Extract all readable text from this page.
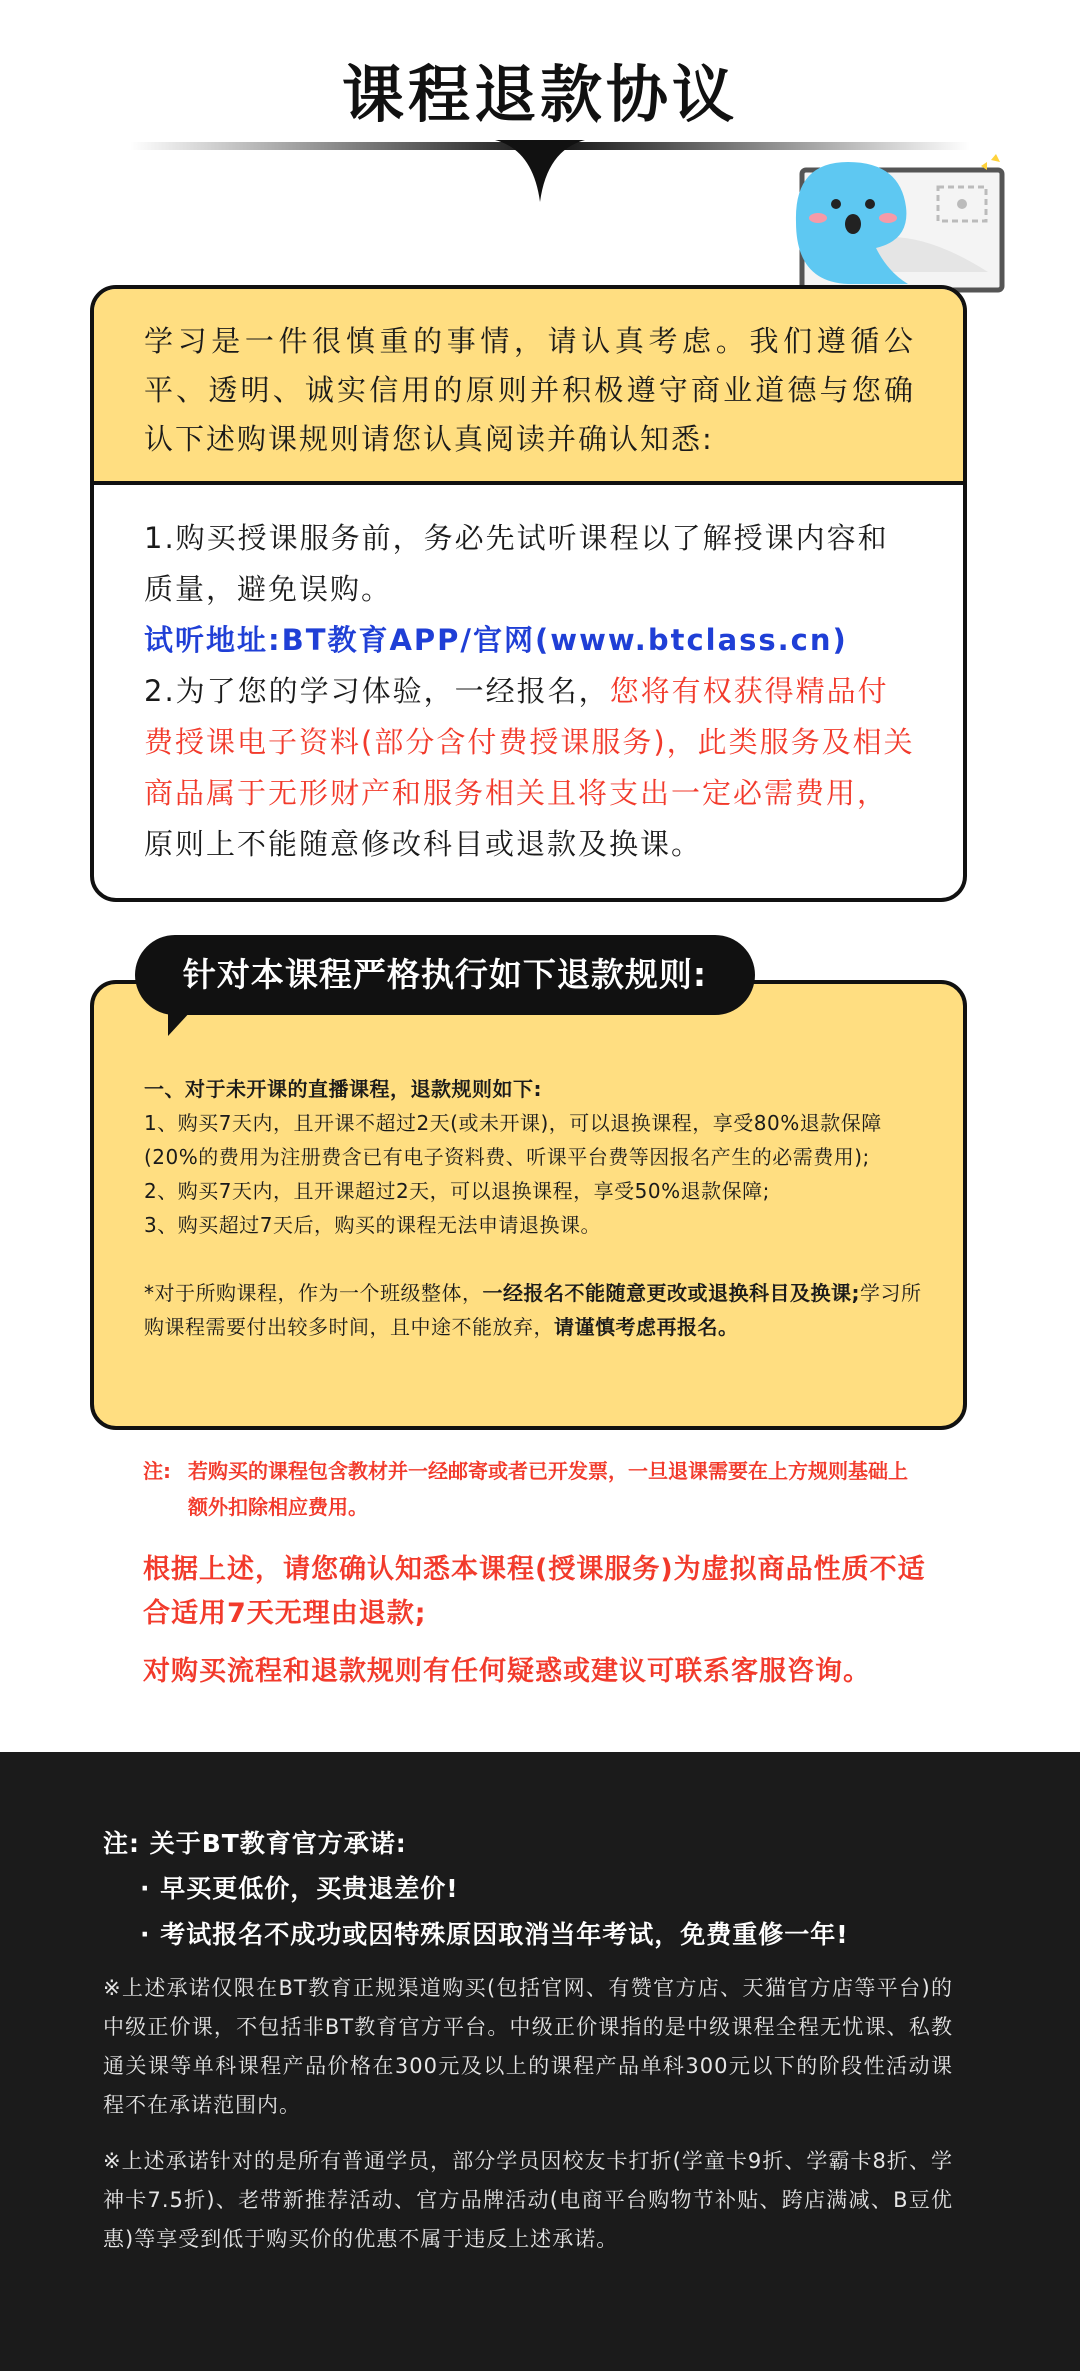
课程退款协议

学习是一件很慎重的事情，请认真考虑。我们遵循公平、透明、诚实信用的原则并积极遵守商业道德与您确认下述购课规则请您认真阅读并确认知悉:

1.购买授课服务前，务必先试听课程以了解授课内容和质量，避免误购。

试听地址:BT教育APP/官网(www.btclass.cn)

2.为了您的学习体验，一经报名，您将有权获得精品付费授课电子资料(部分含付费授课服务)，此类服务及相关商品属于无形财产和服务相关且将支出一定必需费用，原则上不能随意修改科目或退款及换课。

一、对于未开课的直播课程，退款规则如下:

1、购买7天内，且开课不超过2天(或未开课)，可以退换课程，享受80%退款保障(20%的费用为注册费含已有电子资料费、听课平台费等因报名产生的必需费用);

2、购买7天内，且开课超过2天，可以退换课程，享受50%退款保障;

3、购买超过7天后，购买的课程无法申请退换课。

*对于所购课程，作为一个班级整体，一经报名不能随意更改或退换科目及换课;学习所购课程需要付出较多时间，且中途不能放弃，请谨慎考虑再报名。

针对本课程严格执行如下退款规则:
注: 若购买的课程包含教材并一经邮寄或者已开发票，一旦退课需要在上方规则基础上额外扣除相应费用。

根据上述，请您确认知悉本课程(授课服务)为虚拟商品性质不适合适用7天无理由退款;

对购买流程和退款规则有任何疑惑或建议可联系客服咨询。

注: 关于BT教育官方承诺:
· 早买更低价，买贵退差价!
· 考试报名不成功或因特殊原因取消当年考试，免费重修一年!

※上述承诺仅限在BT教育正规渠道购买(包括官网、有赞官方店、天猫官方店等平台)的中级正价课，不包括非BT教育官方平台。中级正价课指的是中级课程全程无忧课、私教通关课等单科课程产品价格在300元及以上的课程产品单科300元以下的阶段性活动课程不在承诺范围内。

※上述承诺针对的是所有普通学员，部分学员因校友卡打折(学童卡9折、学霸卡8折、学神卡7.5折)、老带新推荐活动、官方品牌活动(电商平台购物节补贴、跨店满减、B豆优惠)等享受到低于购买价的优惠不属于违反上述承诺。
